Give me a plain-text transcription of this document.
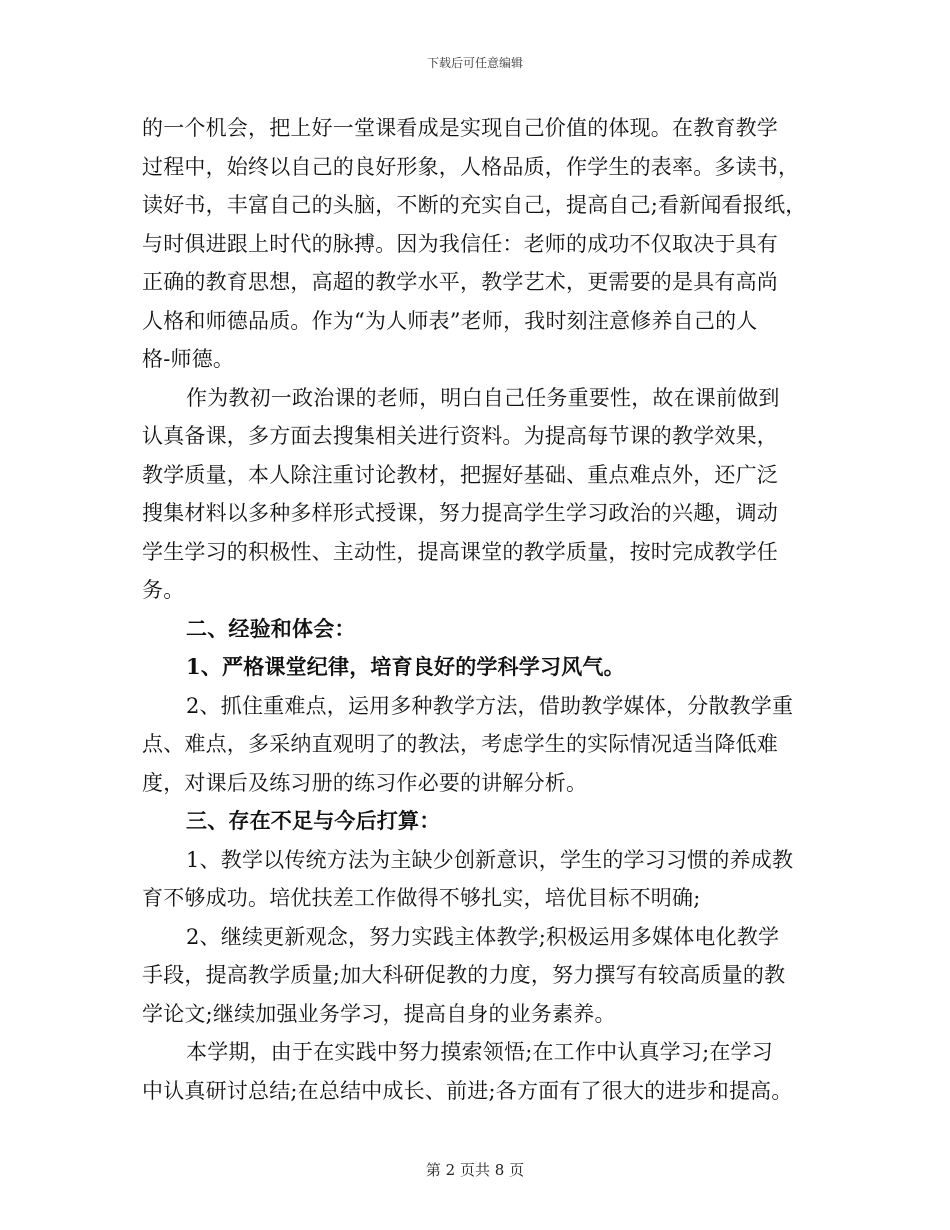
下载后可任意编辑
的一个机会，把上好一堂课看成是实现自己价值的体现。在教育教学
过程中，始终以自己的良好形象，人格品质，作学生的表率。多读书，
读好书，丰富自己的头脑，不断的充实自己，提高自己;看新闻看报纸，
与时俱进跟上时代的脉搏。因为我信任：老师的成功不仅取决于具有
正确的教育思想，高超的教学水平，教学艺术，更需要的是具有高尚
人格和师德品质。作为“为人师表”老师，我时刻注意修养自己的人
格-师德。
作为教初一政治课的老师，明白自己任务重要性，故在课前做到
认真备课，多方面去搜集相关进行资料。为提高每节课的教学效果，
教学质量，本人除注重讨论教材，把握好基础、重点难点外，还广泛
搜集材料以多种多样形式授课，努力提高学生学习政治的兴趣，调动
学生学习的积极性、主动性，提高课堂的教学质量，按时完成教学任
务。
二、经验和体会：
1、严格课堂纪律，培育良好的学科学习风气。
2、抓住重难点，运用多种教学方法，借助教学媒体，分散教学重
点、难点，多采纳直观明了的教法，考虑学生的实际情况适当降低难
度，对课后及练习册的练习作必要的讲解分析。
三、存在不足与今后打算：
1、教学以传统方法为主缺少创新意识，学生的学习习惯的养成教
育不够成功。培优扶差工作做得不够扎实，培优目标不明确;
2、继续更新观念，努力实践主体教学;积极运用多媒体电化教学
手段，提高教学质量;加大科研促教的力度，努力撰写有较高质量的教
学论文;继续加强业务学习，提高自身的业务素养。
本学期，由于在实践中努力摸索领悟;在工作中认真学习;在学习
中认真研讨总结;在总结中成长、前进;各方面有了很大的进步和提高。
第 2 页共 8 页
